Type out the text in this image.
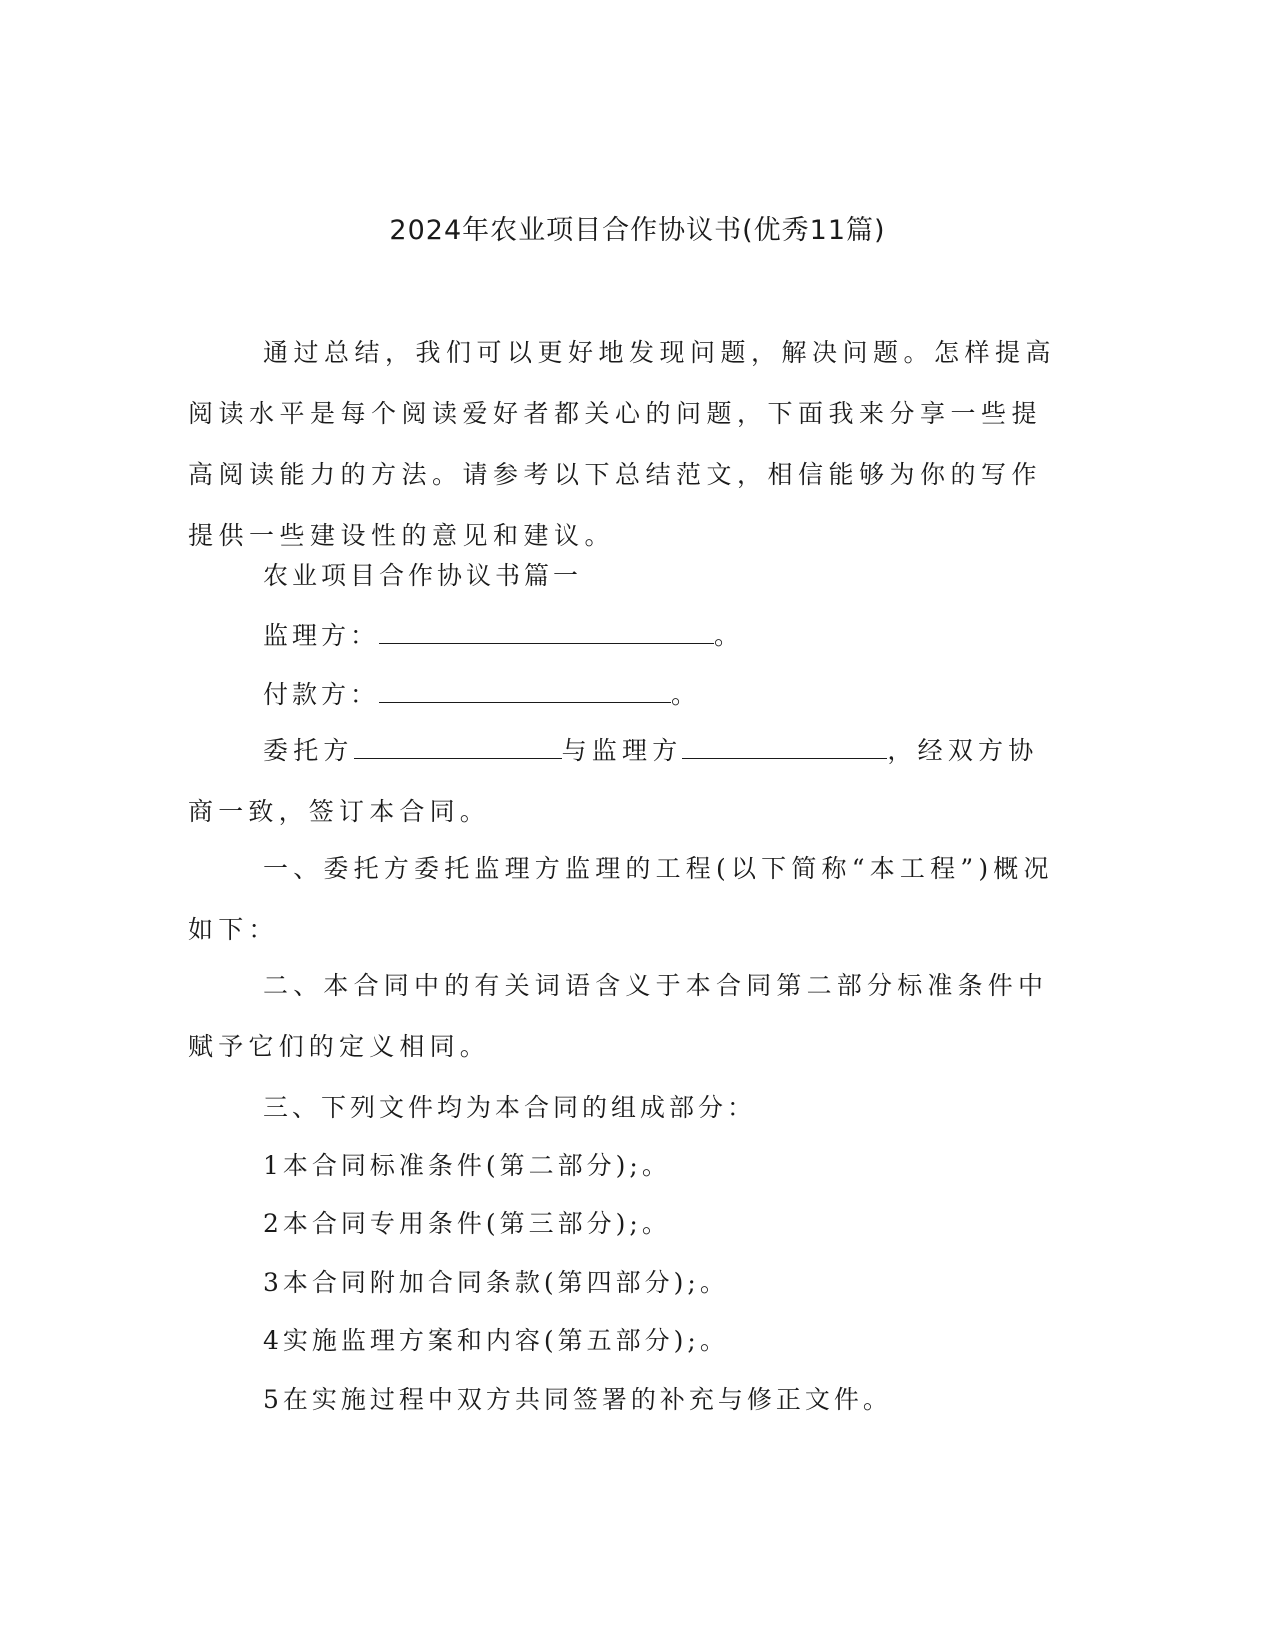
2024年农业项目合作协议书(优秀11篇)

通过总结，我们可以更好地发现问题，解决问题。怎样提高阅读水平是每个阅读爱好者都关心的问题，下面我来分享一些提高阅读能力的方法。请参考以下总结范文，相信能够为你的写作提供一些建设性的意见和建议。

农业项目合作协议书篇一

监理方：	。

付款方：	。

委托方	与监理方	，经双方协商一致，签订本合同。

一、委托方委托监理方监理的工程(以下简称“本工程”)概况如下：

二、本合同中的有关词语含义于本合同第二部分标准条件中赋予它们的定义相同。

三、下列文件均为本合同的组成部分：

1本合同标准条件(第二部分);。

2本合同专用条件(第三部分);。

3本合同附加合同条款(第四部分);。

4实施监理方案和内容(第五部分);。

5在实施过程中双方共同签署的补充与修正文件。
